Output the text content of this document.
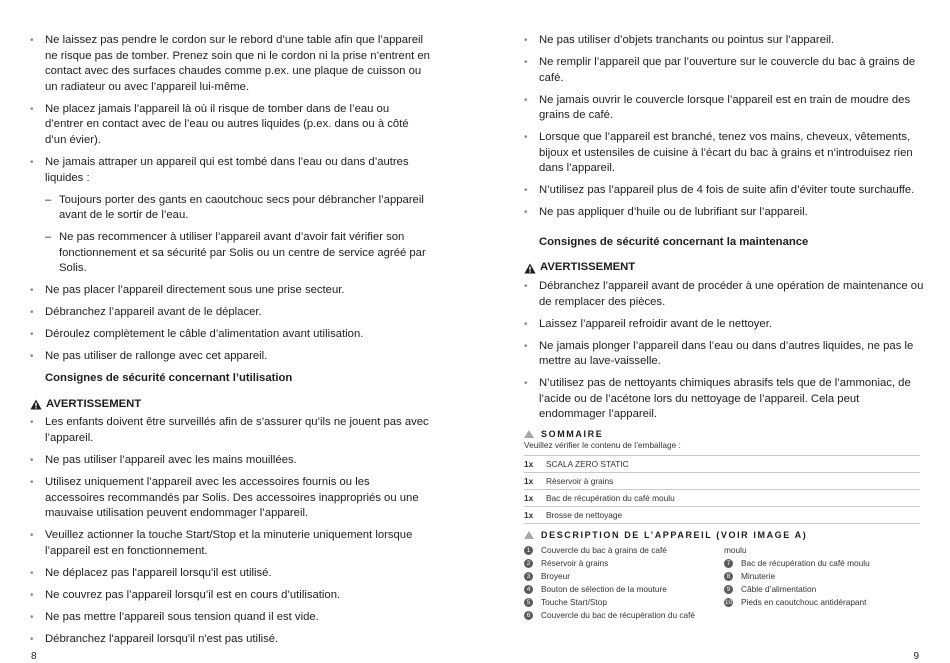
• Ne laissez pas pendre le cordon sur le rebord d’une table afin que l’appareil ne risque pas de tomber. Prenez soin que ni le cordon ni la prise n’entrent en contact avec des surfaces chaudes comme p.ex. une plaque de cuisson ou un radiateur ou avec l’appareil lui-même.
• Ne placez jamais l’appareil là où il risque de tomber dans de l’eau ou d’entrer en contact avec de l’eau ou autres liquides (p.ex. dans ou à côté d’un évier).
• Ne jamais attraper un appareil qui est tombé dans l’eau ou dans d’autres liquides :
– Toujours porter des gants en caoutchouc secs pour débrancher l’appareil avant de le sortir de l’eau.
– Ne pas recommencer à utiliser l’appareil avant d’avoir fait vérifier son fonctionnement et sa sécurité par Solis ou un centre de service agréé par Solis.
• Ne pas placer l’appareil directement sous une prise secteur.
• Débranchez l’appareil avant de le déplacer.
• Déroulez complètement le câble d’alimentation avant utilisation.
• Ne pas utiliser de rallonge avec cet appareil.
Consignes de sécurité concernant l’utilisation
AVERTISSEMENT
• Les enfants doivent être surveillés afin de s’assurer qu’ils ne jouent pas avec l’appareil.
• Ne pas utiliser l’appareil avec les mains mouillées.
• Utilisez uniquement l’appareil avec les accessoires fournis ou les accessoires recommandés par Solis. Des accessoires inappropriés ou une mauvaise utilisation peuvent endommager l’appareil.
• Veuillez actionner la touche Start/Stop et la minuterie uniquement lorsque l’appareil est en fonctionnement.
• Ne déplacez pas l'appareil lorsqu'il est utilisé.
• Ne couvrez pas l’appareil lorsqu’il est en cours d’utilisation.
• Ne pas mettre l’appareil sous tension quand il est vide.
• Débranchez l'appareil lorsqu'il n'est pas utilisé.
8
• Ne pas utiliser d’objets tranchants ou pointus sur l’appareil.
• Ne remplir l’appareil que par l’ouverture sur le couvercle du bac à grains de café.
• Ne jamais ouvrir le couvercle lorsque l’appareil est en train de moudre des grains de café.
• Lorsque que l’appareil est branché, tenez vos mains, cheveux, vêtements, bijoux et ustensiles de cuisine à l’écart du bac à grains et n’introduisez rien dans l’appareil.
• N’utilisez pas l’appareil plus de 4 fois de suite afin d’éviter toute surchauffe.
• Ne pas appliquer d’huile ou de lubrifiant sur l’appareil.
Consignes de sécurité concernant la maintenance
AVERTISSEMENT
• Débranchez l’appareil avant de procéder à une opération de maintenance ou de remplacer des pièces.
• Laissez l’appareil refroidir avant de le nettoyer.
• Ne jamais plonger l’appareil dans l’eau ou dans d’autres liquides, ne pas le mettre au lave-vaisselle.
• N’utilisez pas de nettoyants chimiques abrasifs tels que de l’ammoniac, de l’acide ou de l’acétone lors du nettoyage de l’appareil. Cela peut endommager l’appareil.
SOMMAIRE
Veuillez vérifier le contenu de l’emballage :
1x	SCALA ZERO STATIC
1x	Réservoir à grains
1x	Bac de récupération du café moulu
1x	Brosse de nettoyage
DESCRIPTION DE L’APPAREIL (VOIR IMAGE A)
1	Couvercle du bac à grains de café
2	Réservoir à grains
3	Broyeur
4	Bouton de sélection de la mouture
5	Touche Start/Stop
6	Couvercle du bac de récupération du café
moulu
7	Bac de récupération du café moulu
8	Minuterie
9	Câble d’alimentation
10 Pieds en caoutchouc antidérapant
9
